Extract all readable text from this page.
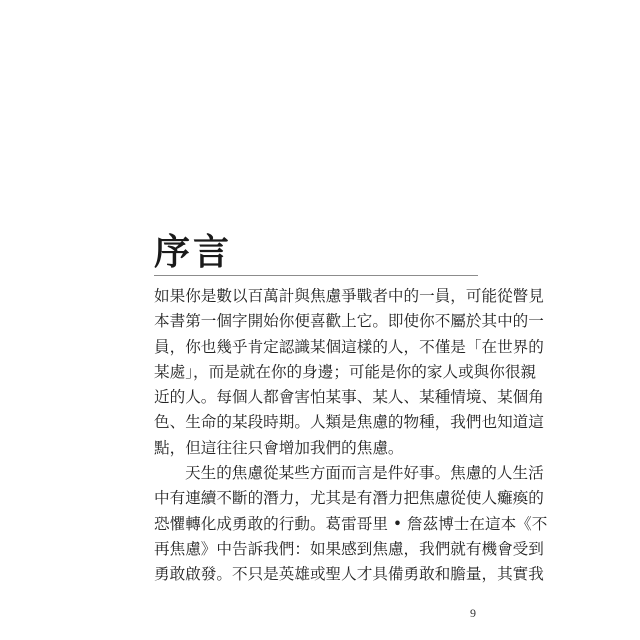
序言
如果你是數以百萬計與焦慮爭戰者中的一員，可能從瞥見
本書第一個字開始你便喜歡上它。即使你不屬於其中的一
員，你也幾乎肯定認識某個這樣的人，不僅是「在世界的
某處」，而是就在你的身邊；可能是你的家人或與你很親
近的人。每個人都會害怕某事、某人、某種情境、某個角
色、生命的某段時期。人類是焦慮的物種，我們也知道這
點，但這往往只會增加我們的焦慮。
天生的焦慮從某些方面而言是件好事。焦慮的人生活
中有連續不斷的潛力，尤其是有潛力把焦慮從使人癱瘓的
恐懼轉化成勇敢的行動。葛雷哥里 • 詹茲博士在這本《不
再焦慮》中告訴我們：如果感到焦慮，我們就有機會受到
勇敢啟發。不只是英雄或聖人才具備勇敢和膽量，其實我
9
